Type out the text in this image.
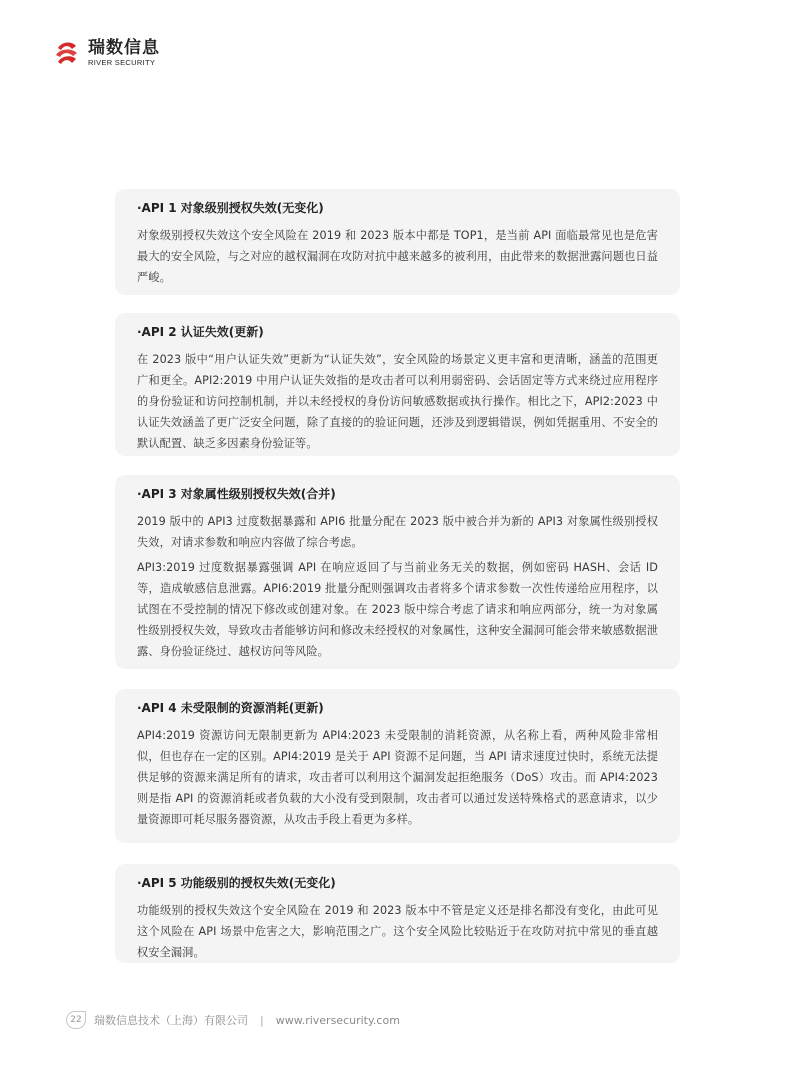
瑞数信息
RIVER SECURITY
·API 1 对象级别授权失效(无变化)

对象级别授权失效这个安全风险在 2019 和 2023 版本中都是 TOP1，是当前 API 面临最常见也是危害最大的安全风险，与之对应的越权漏洞在攻防对抗中越来越多的被利用，由此带来的数据泄露问题也日益严峻。

·API 2 认证失效(更新)

在 2023 版中“用户认证失效”更新为“认证失效”，安全风险的场景定义更丰富和更清晰，涵盖的范围更广和更全。API2:2019 中用户认证失效指的是攻击者可以利用弱密码、会话固定等方式来绕过应用程序的身份验证和访问控制机制，并以未经授权的身份访问敏感数据或执行操作。相比之下，API2:2023 中认证失效涵盖了更广泛安全问题，除了直接的的验证问题，还涉及到逻辑错误，例如凭据重用、不安全的默认配置、缺乏多因素身份验证等。

·API 3 对象属性级别授权失效(合并)

2019 版中的 API3 过度数据暴露和 API6 批量分配在 2023 版中被合并为新的 API3 对象属性级别授权失效，对请求参数和响应内容做了综合考虑。

API3:2019 过度数据暴露强调 API 在响应返回了与当前业务无关的数据，例如密码 HASH、会话 ID 等，造成敏感信息泄露。API6:2019 批量分配则强调攻击者将多个请求参数一次性传递给应用程序，以试图在不受控制的情况下修改或创建对象。在 2023 版中综合考虑了请求和响应两部分，统一为对象属性级别授权失效，导致攻击者能够访问和修改未经授权的对象属性，这种安全漏洞可能会带来敏感数据泄露、身份验证绕过、越权访问等风险。

·API 4 未受限制的资源消耗(更新)

API4:2019 资源访问无限制更新为 API4:2023 未受限制的消耗资源，从名称上看，两种风险非常相似，但也存在一定的区别。API4:2019 是关于 API 资源不足问题，当 API 请求速度过快时，系统无法提供足够的资源来满足所有的请求，攻击者可以利用这个漏洞发起拒绝服务（DoS）攻击。而 API4:2023 则是指 API 的资源消耗或者负载的大小没有受到限制，攻击者可以通过发送特殊格式的恶意请求，以少量资源即可耗尽服务器资源，从攻击手段上看更为多样。

·API 5 功能级别的授权失效(无变化)

功能级别的授权失效这个安全风险在 2019 和 2023 版本中不管是定义还是排名都没有变化，由此可见这个风险在 API 场景中危害之大，影响范围之广。这个安全风险比较贴近于在攻防对抗中常见的垂直越权安全漏洞。

22	瑞数信息技术（上海）有限公司 | www.riversecurity.com
